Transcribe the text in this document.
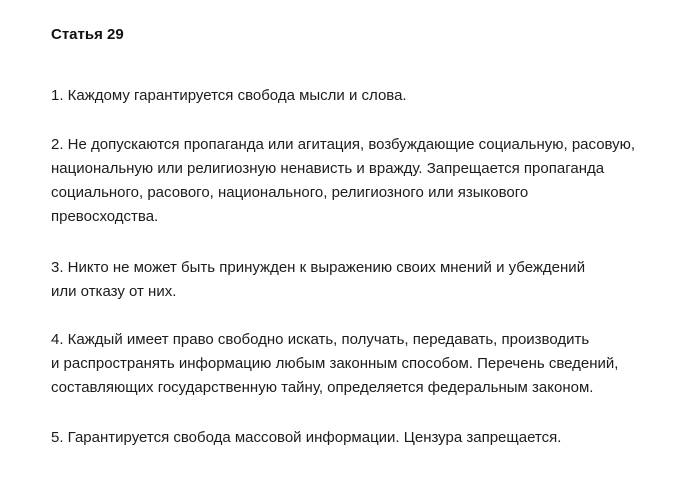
Статья 29

1. Каждому гарантируется свобода мысли и слова.

2. Не допускаются пропаганда или агитация, возбуждающие социальную, расовую,
национальную или религиозную ненависть и вражду. Запрещается пропаганда
социального, расового, национального, религиозного или языкового
превосходства.

3. Никто не может быть принужден к выражению своих мнений и убеждений
или отказу от них.

4. Каждый имеет право свободно искать, получать, передавать, производить
и распространять информацию любым законным способом. Перечень сведений,
составляющих государственную тайну, определяется федеральным законом.

5. Гарантируется свобода массовой информации. Цензура запрещается.
